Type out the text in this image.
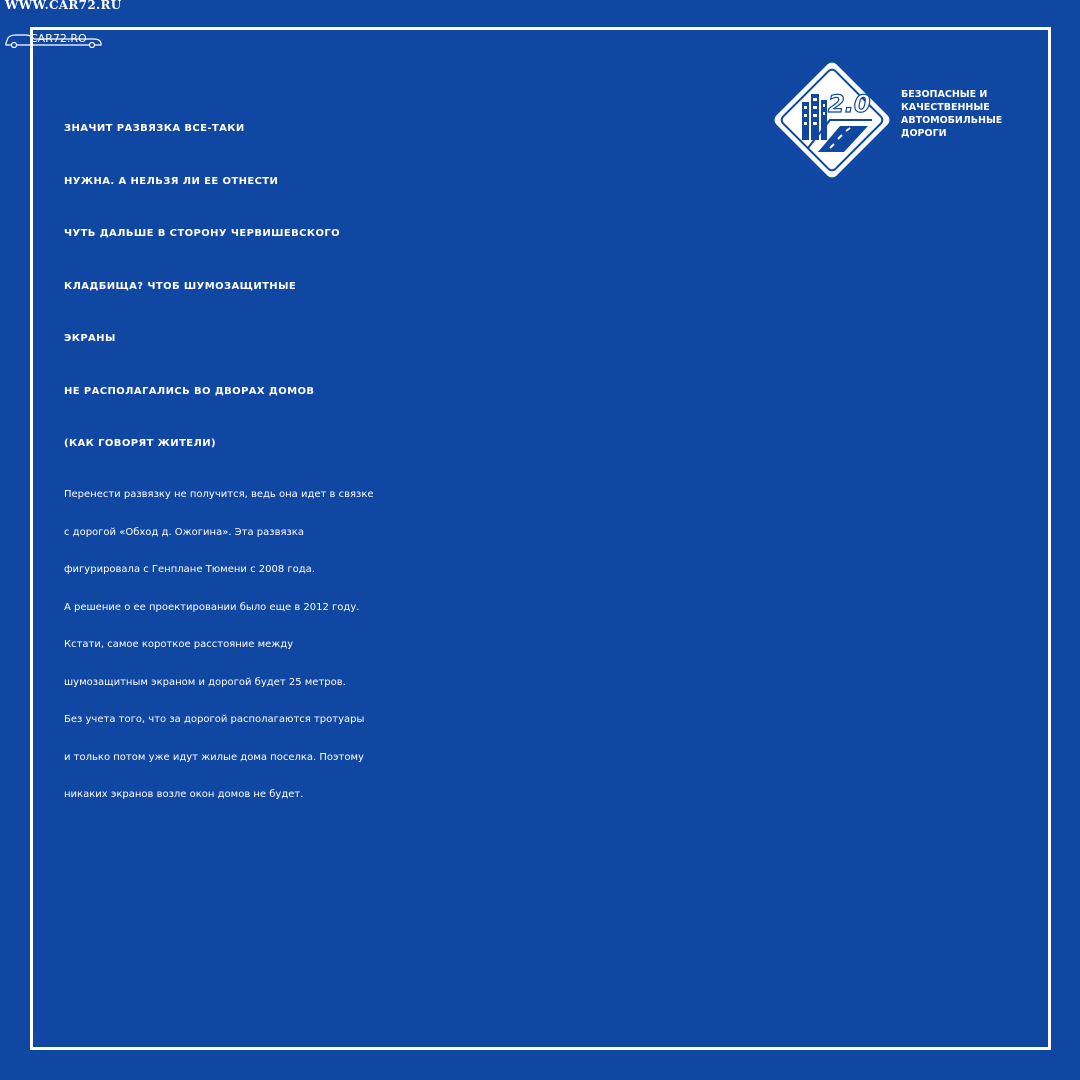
WWW.CAR72.RU
CAR72.RO
2.0	БЕЗОПАСНЫЕ И
КАЧЕСТВЕННЫЕ
АВТОМОБИЛЬНЫЕ
ДОРОГИ
ЗНАЧИТ РАЗВЯЗКА ВСЕ-ТАКИ
НУЖНА. А НЕЛЬЗЯ ЛИ ЕЕ ОТНЕСТИ
ЧУТЬ ДАЛЬШЕ В СТОРОНУ ЧЕРВИШЕВСКОГО
КЛАДБИЩА? ЧТОБ ШУМОЗАЩИТНЫЕ
ЭКРАНЫ
НЕ РАСПОЛАГАЛИСЬ ВО ДВОРАХ ДОМОВ
(КАК ГОВОРЯТ ЖИТЕЛИ)
Перенести развязку не получится, ведь она идет в связке
с дорогой «Обход д. Ожогина». Эта развязка
фигурировала с Генплане Тюмени с 2008 года.
А решение о ее проектировании было еще в 2012 году.
Кстати, самое короткое расстояние между
шумозащитным экраном и дорогой будет 25 метров.
Без учета того, что за дорогой располагаются тротуары
и только потом уже идут жилые дома поселка. Поэтому
никаких экранов возле окон домов не будет.
